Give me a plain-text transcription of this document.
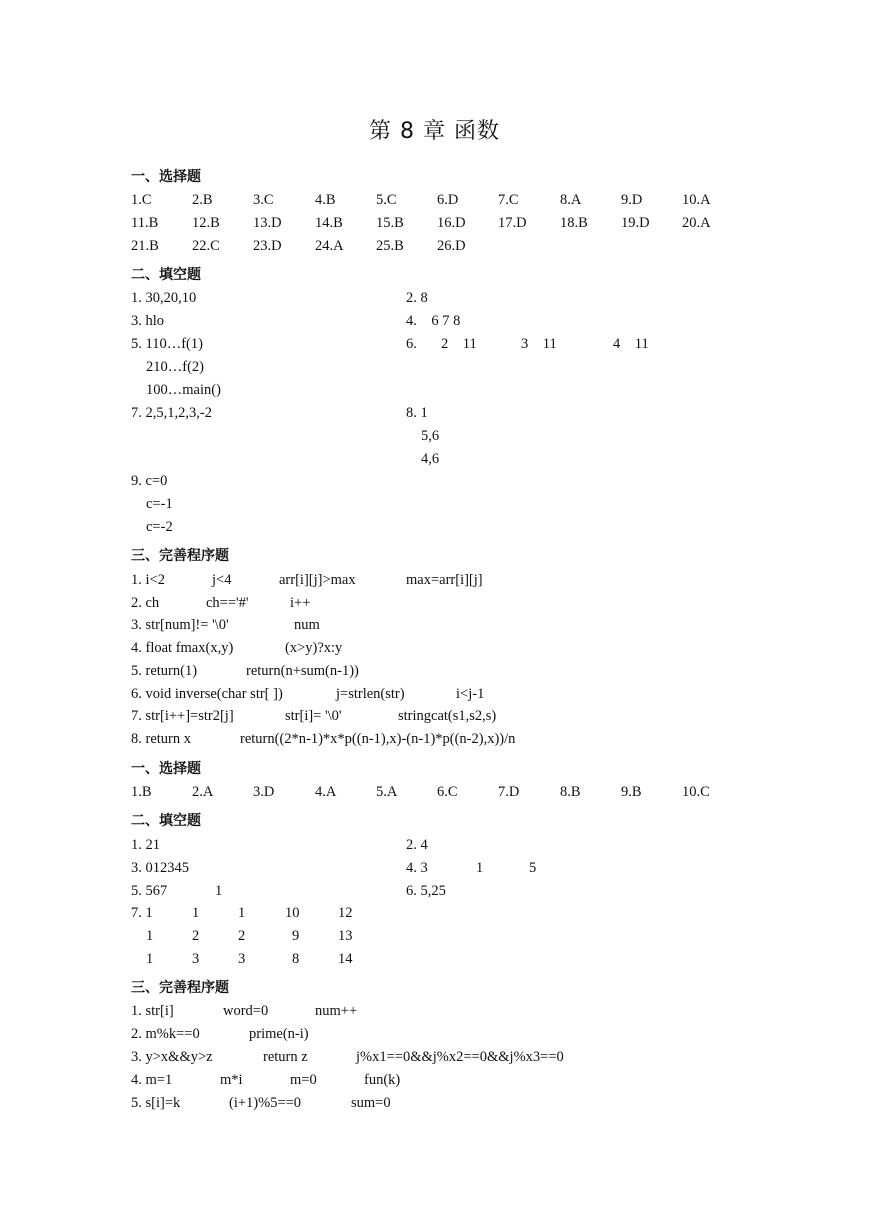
第 8 章 函数
一、选择题
1.C	2.B	3.C	4.B	5.C	6.D	7.C	8.A	9.D	10.A
11.B 12.B 13.D 14.B 15.B 16.D 17.D 18.B 19.D 20.A
21.B 22.C 23.D 24.A 25.B 26.D
二、填空题
1. 30,20,10	2. 8
3. hlo	4.    6 7 8
5. 110…f(1)
210…f(2)
100…main()
6. 2    11	3    11	4    11
7. 2,5,1,2,3,-2	8. 1
5,6
4,6
9. c=0
c=-1
c=-2
三、完善程序题
1. i<2	j<4	arr[i][j]>max	max=arr[i][j]
2. ch	ch=='#'	i++
3. str[num]!= '\0'	num
4. float fmax(x,y)	(x>y)?x:y
5. return(1)	return(n+sum(n-1))
6. void inverse(char str[ ])	j=strlen(str)	i<j-1
7. str[i++]=str2[j]	str[i]= '\0'	stringcat(s1,s2,s)
8. return x	return((2*n-1)*x*p((n-1),x)-(n-1)*p((n-2),x))/n
一、选择题
1.B	2.A	3.D	4.A	5.A	6.C	7.D	8.B	9.B	10.C
二、填空题
1. 21	2. 4
3. 012345	4. 3	1	5
5. 567	1	6. 5,25
7. 1	1	1	10	12
1	2	2	9	13
1	3	3	8	14
三、完善程序题
1. str[i]	word=0	num++
2. m%k==0	prime(n-i)
3. y>x&&y>z	return z	j%x1==0&&j%x2==0&&j%x3==0
4. m=1	m*i	m=0	fun(k)
5. s[i]=k	(i+1)%5==0	sum=0
